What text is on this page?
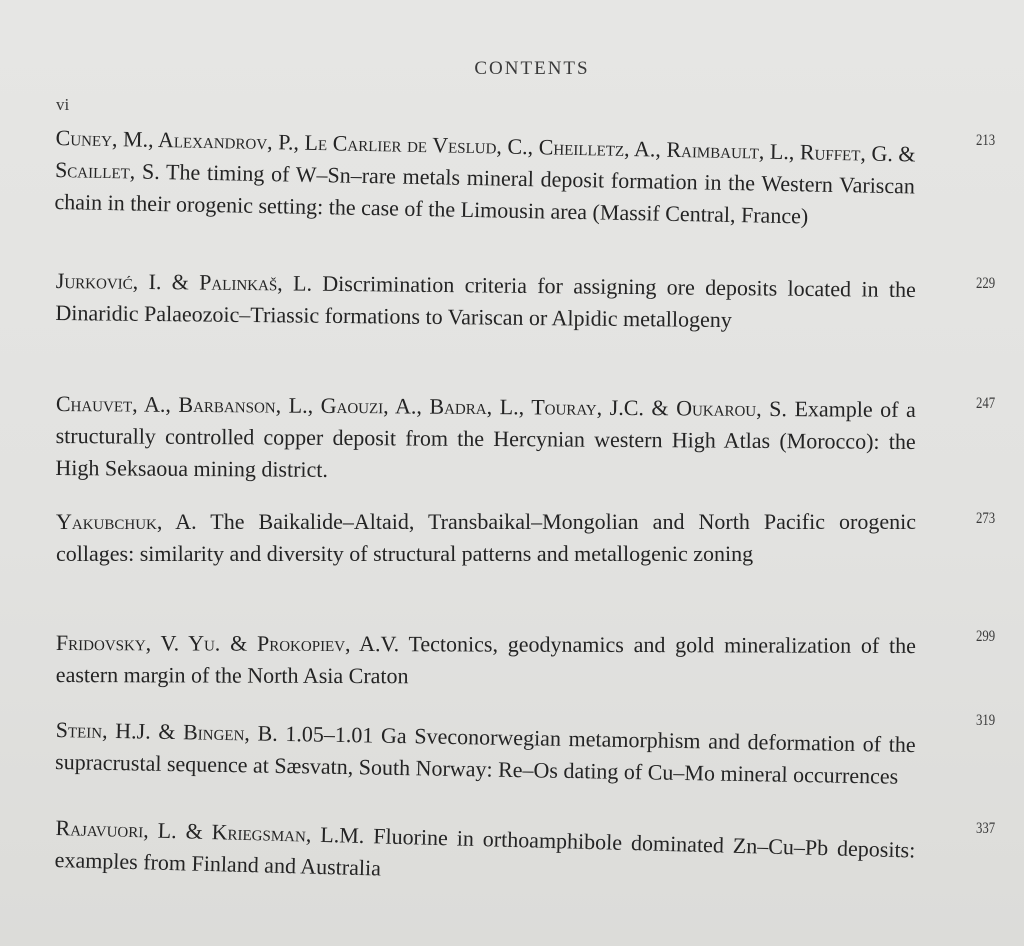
CONTENTS
vi
Cuney, M., Alexandrov, P., Le Carlier de Veslud, C., Cheilletz, A., Raimbault, L., Ruffet, G. & Scaillet, S. The timing of W–Sn–rare metals mineral deposit formation in the Western Variscan chain in their orogenic setting: the case of the Limousin area (Massif Central, France)
213
Jurković, I. & Palinkaš, L. Discrimination criteria for assigning ore deposits located in the Dinaridic Palaeozoic–Triassic formations to Variscan or Alpidic metallogeny
229
Chauvet, A., Barbanson, L., Gaouzi, A., Badra, L., Touray, J.C. & Oukarou, S. Example of a structurally controlled copper deposit from the Hercynian western High Atlas (Morocco): the High Seksaoua mining district.
247
Yakubchuk, A. The Baikalide–Altaid, Transbaikal–Mongolian and North Pacific orogenic collages: similarity and diversity of structural patterns and metallogenic zoning
273
Fridovsky, V. Yu. & Prokopiev, A.V. Tectonics, geodynamics and gold mineralization of the eastern margin of the North Asia Craton
299
Stein, H.J. & Bingen, B. 1.05–1.01 Ga Sveconorwegian metamorphism and deformation of the supracrustal sequence at Sæsvatn, South Norway: Re–Os dating of Cu–Mo mineral occurrences
319
Rajavuori, L. & Kriegsman, L.M. Fluorine in orthoamphibole dominated Zn–Cu–Pb deposits: examples from Finland and Australia
337
